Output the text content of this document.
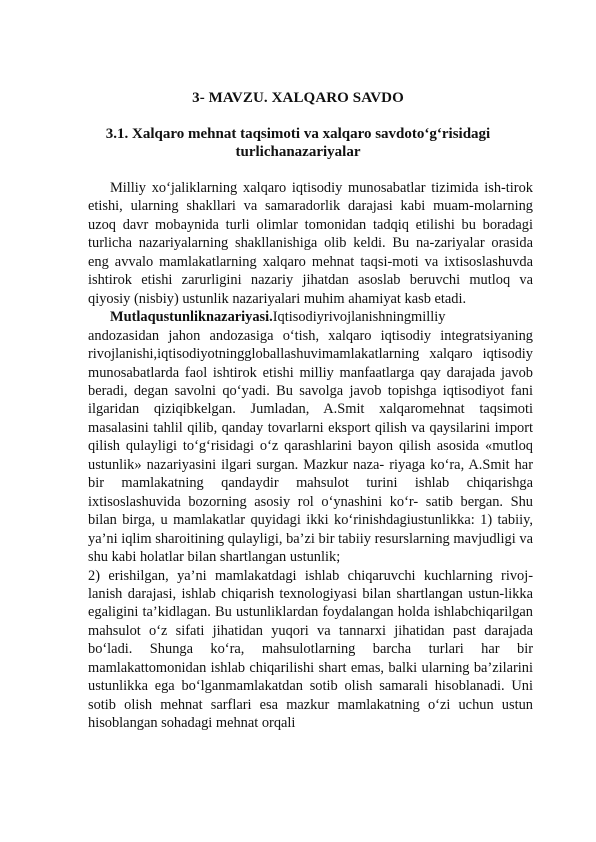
3- MAVZU. XALQARO SAVDO
3.1. Xalqaro mehnat taqsimoti va xalqaro savdoto‘g‘risidagi
turlichanazariyalar

Milliy xo‘jaliklarning xalqaro iqtisodiy munosabatlar tizimida ish-tirok etishi, ularning shakllari va samaradorlik darajasi kabi muam-molarning uzoq davr mobaynida turli olimlar tomonidan tadqiq etilishi bu boradagi turlicha nazariyalarning shakllanishiga olib keldi. Bu na-zariyalar orasida eng avvalo mamlakatlarning xalqaro mehnat taqsi-moti va ixtisoslashuvda ishtirok etishi zarurligini nazariy jihatdan asoslab beruvchi mutloq va qiyosiy (nisbiy) ustunlik nazariyalari muhim ahamiyat kasb etadi.

Mutlaqustunliknazariyasi.Iqtisodiyrivojlanishningmilliy

andozasidan jahon andozasiga o‘tish, xalqaro iqtisodiy integratsiyaning rivojlanishi,iqtisodiyotninggloballashuvimamlakatlarning xalqaro iqtisodiy munosabatlarda faol ishtirok etishi milliy manfaatlarga qay darajada javob beradi, degan savolni qo‘yadi. Bu savolga javob topishga iqtisodiyot fani ilgaridan qiziqibkelgan. Jumladan, A.Smit xalqaromehnat taqsimoti masalasini tahlil qilib, qanday tovarlarni eksport qilish va qaysilarini import qilish qulayligi to‘g‘risidagi o‘z qarashlarini bayon qilish asosida «mutloq ustunlik» nazariyasini ilgari surgan. Mazkur naza- riyaga ko‘ra, A.Smit har bir mamlakatning qandaydir mahsulot turini ishlab chiqarishga ixtisoslashuvida bozorning asosiy rol o‘ynashini ko‘r- satib bergan. Shu bilan birga, u mamlakatlar quyidagi ikki ko‘rinishdagiustunlikka: 1) tabiiy, ya’ni iqlim sharoitining qulayligi, ba’zi bir tabiiy resurslarning mavjudligi va shu kabi holatlar bilan shartlangan ustunlik;

2) erishilgan, ya’ni mamlakatdagi ishlab chiqaruvchi kuchlarning rivoj-lanish darajasi, ishlab chiqarish texnologiyasi bilan shartlangan ustun-likka egaligini ta’kidlagan. Bu ustunliklardan foydalangan holda ishlabchiqarilgan mahsulot o‘z sifati jihatidan yuqori va tannarxi jihatidan past darajada bo‘ladi. Shunga ko‘ra, mahsulotlarning barcha turlari har bir mamlakattomonidan ishlab chiqarilishi shart emas, balki ularning ba’zilarini ustunlikka ega bo‘lganmamlakatdan sotib olish samarali hisoblanadi. Uni sotib olish mehnat sarflari esa mazkur mamlakatning o‘zi uchun ustun hisoblangan sohadagi mehnat orqali
